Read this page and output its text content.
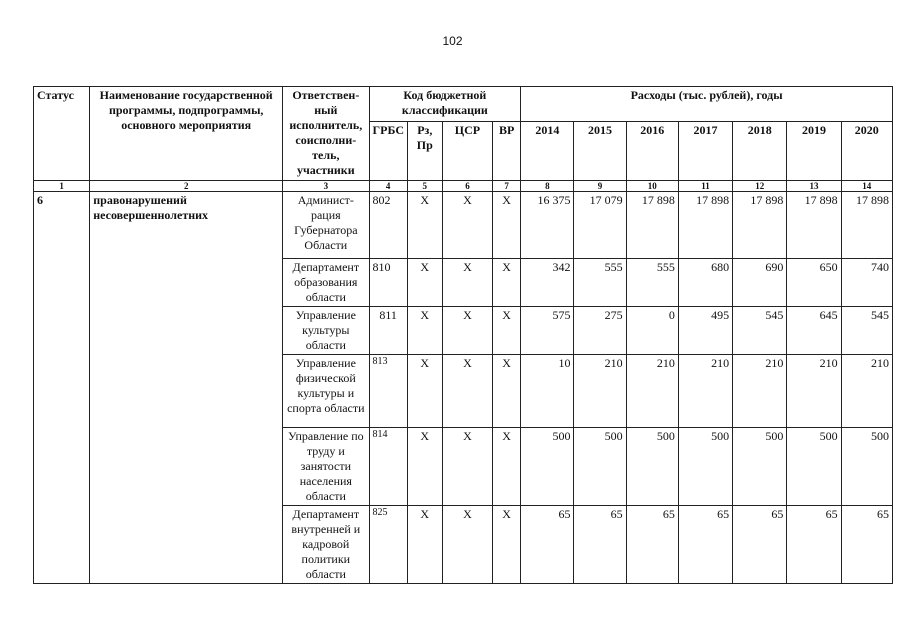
102
Статус	Наименование государственной программы, подпрограммы, основного мероприятия	Ответствен-ный исполнитель, соисполни-тель, участники	Код бюджетной классификации				Расходы (тыс. рублей), годы						
			ГРБС	Рз, Пр	ЦСР	ВР	2014	2015	2016	2017	2018	2019	2020
1	2	3	4	5	6	7	8	9	10	11	12	13	14
6	правонарушений несовершеннолетних	Админист-рация Губернатора Области	802	Х	Х	Х	16 375	17 079	17 898	17 898	17 898	17 898	17 898
		Департамент образования области	810	Х	Х	Х	342	555	555	680	690	650	740
		Управление культуры области	811	Х	Х	Х	575	275	0	495	545	645	545
		Управление физической культуры и спорта области	813	Х	Х	Х	10	210	210	210	210	210	210
		Управление по труду и занятости населения области	814	Х	Х	Х	500	500	500	500	500	500	500
		Департамент внутренней и кадровой политики области	825	Х	Х	Х	65	65	65	65	65	65	65
